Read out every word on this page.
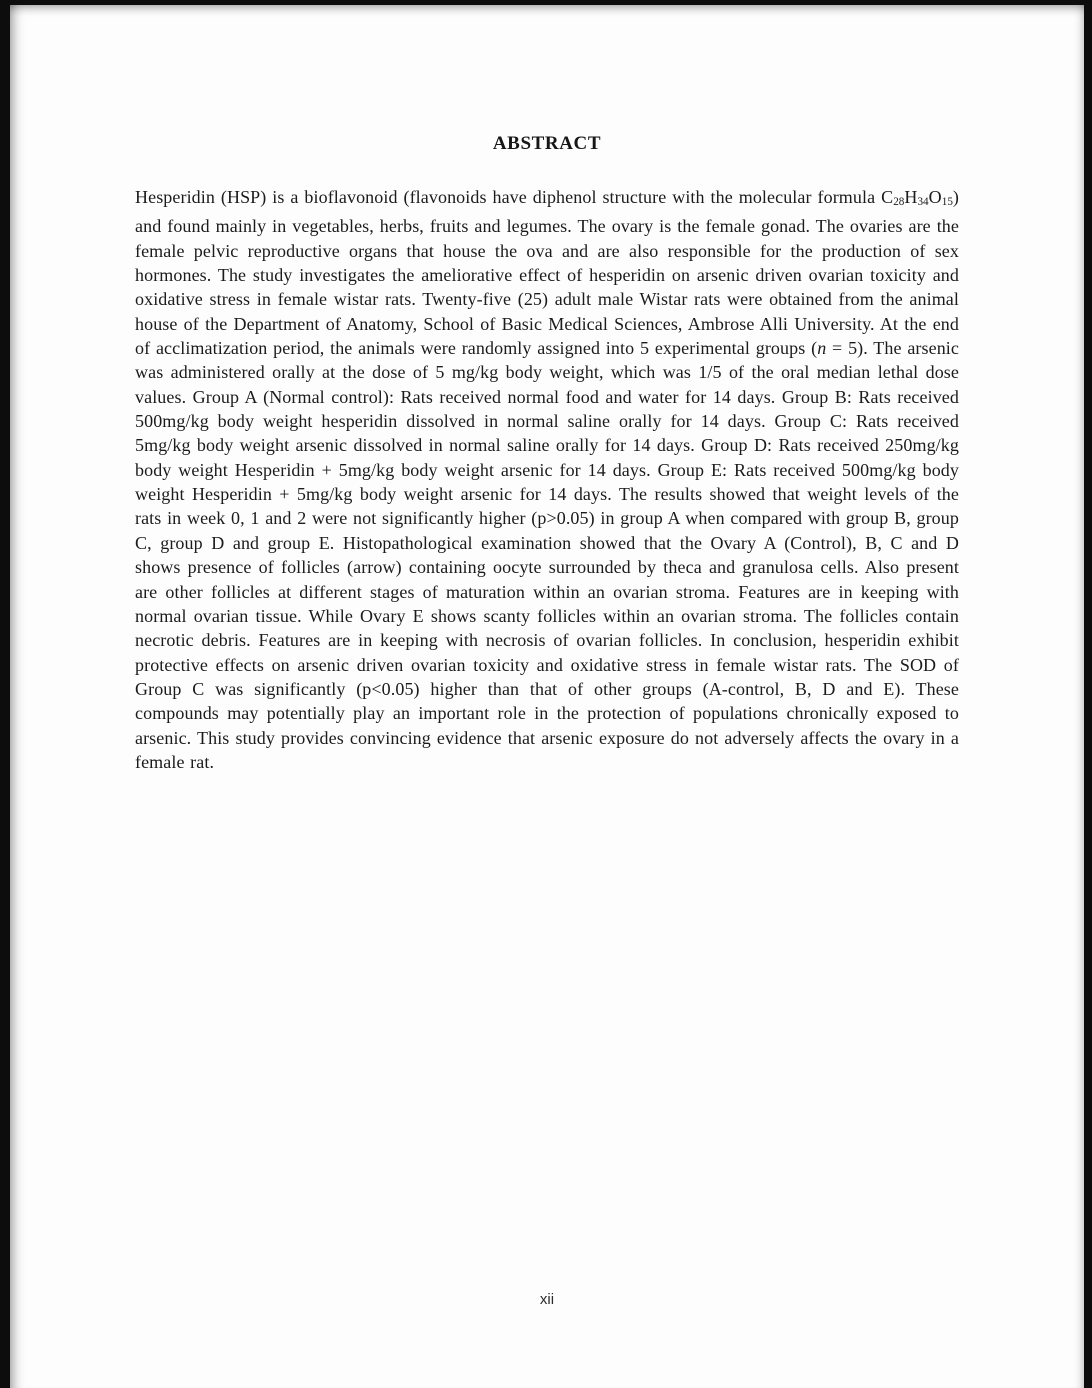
ABSTRACT
Hesperidin (HSP) is a bioflavonoid (flavonoids have diphenol structure with the molecular formula C28H34O15) and found mainly in vegetables, herbs, fruits and legumes. The ovary is the female gonad. The ovaries are the female pelvic reproductive organs that house the ova and are also responsible for the production of sex hormones. The study investigates the ameliorative effect of hesperidin on arsenic driven ovarian toxicity and oxidative stress in female wistar rats. Twenty-five (25) adult male Wistar rats were obtained from the animal house of the Department of Anatomy, School of Basic Medical Sciences, Ambrose Alli University. At the end of acclimatization period, the animals were randomly assigned into 5 experimental groups (n = 5). The arsenic was administered orally at the dose of 5 mg/kg body weight, which was 1/5 of the oral median lethal dose values. Group A (Normal control): Rats received normal food and water for 14 days. Group B: Rats received 500mg/kg body weight hesperidin dissolved in normal saline orally for 14 days. Group C: Rats received 5mg/kg body weight arsenic dissolved in normal saline orally for 14 days. Group D: Rats received 250mg/kg body weight Hesperidin + 5mg/kg body weight arsenic for 14 days. Group E: Rats received 500mg/kg body weight Hesperidin + 5mg/kg body weight arsenic for 14 days. The results showed that weight levels of the rats in week 0, 1 and 2 were not significantly higher (p>0.05) in group A when compared with group B, group C, group D and group E. Histopathological examination showed that the Ovary A (Control), B, C and D shows presence of follicles (arrow) containing oocyte surrounded by theca and granulosa cells. Also present are other follicles at different stages of maturation within an ovarian stroma. Features are in keeping with normal ovarian tissue. While Ovary E shows scanty follicles within an ovarian stroma. The follicles contain necrotic debris. Features are in keeping with necrosis of ovarian follicles. In conclusion, hesperidin exhibit protective effects on arsenic driven ovarian toxicity and oxidative stress in female wistar rats. The SOD of Group C was significantly (p<0.05) higher than that of other groups (A-control, B, D and E). These compounds may potentially play an important role in the protection of populations chronically exposed to arsenic. This study provides convincing evidence that arsenic exposure do not adversely affects the ovary in a female rat.
xii
